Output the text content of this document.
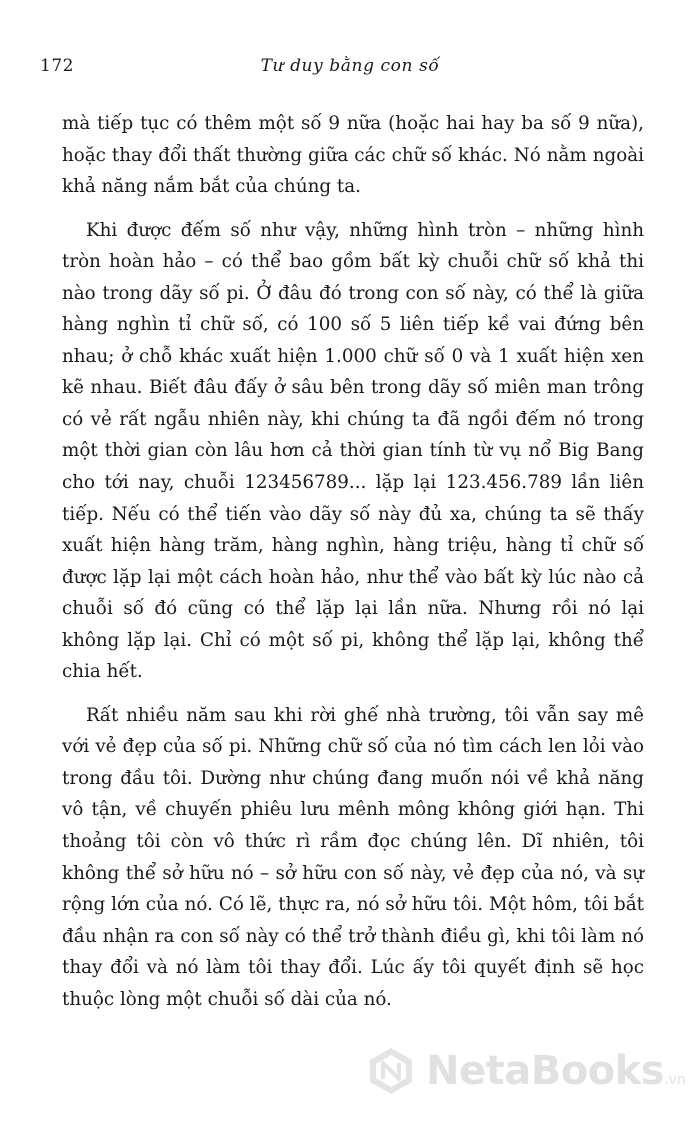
172	Tư duy bằng con số

mà tiếp tục có thêm một số 9 nữa (hoặc hai hay ba số 9 nữa), hoặc thay đổi thất thường giữa các chữ số khác. Nó nằm ngoài khả năng nắm bắt của chúng ta.

Khi được đếm số như vậy, những hình tròn – những hình tròn hoàn hảo – có thể bao gồm bất kỳ chuỗi chữ số khả thi nào trong dãy số pi. Ở đâu đó trong con số này, có thể là giữa hàng nghìn tỉ chữ số, có 100 số 5 liên tiếp kề vai đứng bên nhau; ở chỗ khác xuất hiện 1.000 chữ số 0 và 1 xuất hiện xen kẽ nhau. Biết đâu đấy ở sâu bên trong dãy số miên man trông có vẻ rất ngẫu nhiên này, khi chúng ta đã ngồi đếm nó trong một thời gian còn lâu hơn cả thời gian tính từ vụ nổ Big Bang cho tới nay, chuỗi 123456789... lặp lại 123.456.789 lần liên tiếp. Nếu có thể tiến vào dãy số này đủ xa, chúng ta sẽ thấy xuất hiện hàng trăm, hàng nghìn, hàng triệu, hàng tỉ chữ số được lặp lại một cách hoàn hảo, như thể vào bất kỳ lúc nào cả chuỗi số đó cũng có thể lặp lại lần nữa. Nhưng rồi nó lại không lặp lại. Chỉ có một số pi, không thể lặp lại, không thể chia hết.

Rất nhiều năm sau khi rời ghế nhà trường, tôi vẫn say mê với vẻ đẹp của số pi. Những chữ số của nó tìm cách len lỏi vào trong đầu tôi. Dường như chúng đang muốn nói về khả năng vô tận, về chuyến phiêu lưu mênh mông không giới hạn. Thi thoảng tôi còn vô thức rì rầm đọc chúng lên. Dĩ nhiên, tôi không thể sở hữu nó – sở hữu con số này, vẻ đẹp của nó, và sự rộng lớn của nó. Có lẽ, thực ra, nó sở hữu tôi. Một hôm, tôi bắt đầu nhận ra con số này có thể trở thành điều gì, khi tôi làm nó thay đổi và nó làm tôi thay đổi. Lúc ấy tôi quyết định sẽ học thuộc lòng một chuỗi số dài của nó.

NetaBooks.vn
